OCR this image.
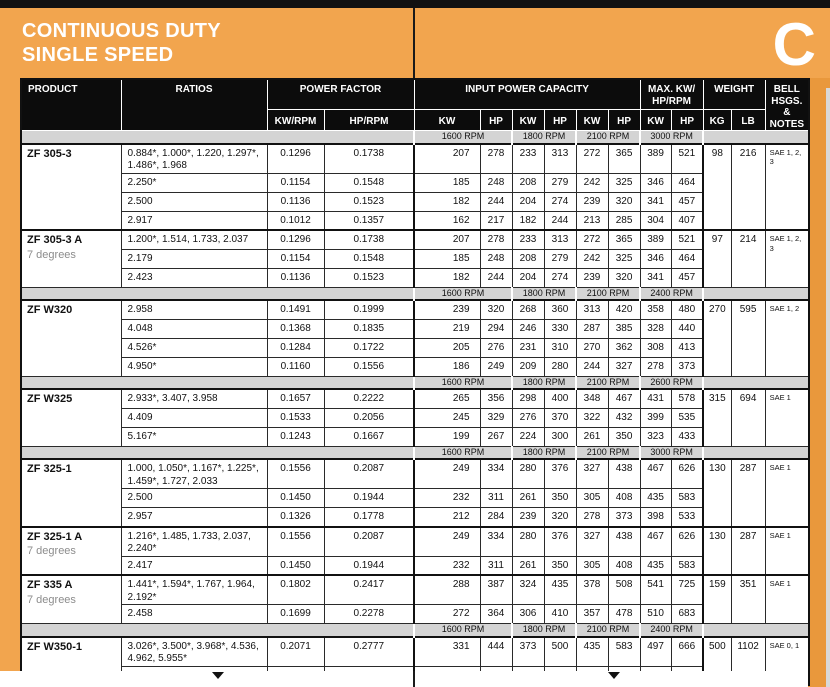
CONTINUOUS DUTY
SINGLE SPEED	C
PRODUCT	RATIOS	POWER FACTOR		INPUT POWER CAPACITY						MAX. KW/
HP/RPM		WEIGHT		BELL HSGS.
& NOTES
		KW/RPM	HP/RPM	KW	HP	KW	HP	KW	HP	KW	HP	KG	LB	
				1600 RPM		1800 RPM		2100 RPM		3000 RPM				

ZF 305-3	0.884*, 1.000*, 1.220, 1.297*, 1.486*, 1.968	0.1296	0.1738	207	278	233	313	272	365	389	521	98	216	SAE 1, 2, 3
	2.250*	0.1154	0.1548	185	248	208	279	242	325	346	464			
	2.500	0.1136	0.1523	182	244	204	274	239	320	341	457			
	2.917	0.1012	0.1357	162	217	182	244	213	285	304	407			

ZF 305-3 A
7 degrees	1.200*, 1.514, 1.733, 2.037	0.1296	0.1738	207	278	233	313	272	365	389	521	97	214	SAE 1, 2, 3
	2.179	0.1154	0.1548	185	248	208	279	242	325	346	464			
	2.423	0.1136	0.1523	182	244	204	274	239	320	341	457			
				1600 RPM		1800 RPM		2100 RPM		2400 RPM				

ZF W320	2.958	0.1491	0.1999	239	320	268	360	313	420	358	480	270	595	SAE 1, 2
	4.048	0.1368	0.1835	219	294	246	330	287	385	328	440			
	4.526*	0.1284	0.1722	205	276	231	310	270	362	308	413			
	4.950*	0.1160	0.1556	186	249	209	280	244	327	278	373			
				1600 RPM		1800 RPM		2100 RPM		2600 RPM				

ZF W325	2.933*, 3.407, 3.958	0.1657	0.2222	265	356	298	400	348	467	431	578	315	694	SAE 1
	4.409	0.1533	0.2056	245	329	276	370	322	432	399	535			
	5.167*	0.1243	0.1667	199	267	224	300	261	350	323	433			
				1600 RPM		1800 RPM		2100 RPM		3000 RPM				

ZF 325-1	1.000, 1.050*, 1.167*, 1.225*, 1.459*, 1.727, 2.033	0.1556	0.2087	249	334	280	376	327	438	467	626	130	287	SAE 1
	2.500	0.1450	0.1944	232	311	261	350	305	408	435	583			
	2.957	0.1326	0.1778	212	284	239	320	278	373	398	533			

ZF 325-1 A
7 degrees	1.216*, 1.485, 1.733, 2.037, 2.240*	0.1556	0.2087	249	334	280	376	327	438	467	626	130	287	SAE 1
	2.417	0.1450	0.1944	232	311	261	350	305	408	435	583			

ZF 335 A
7 degrees	1.441*, 1.594*, 1.767, 1.964, 2.192*	0.1802	0.2417	288	387	324	435	378	508	541	725	159	351	SAE 1
	2.458	0.1699	0.2278	272	364	306	410	357	478	510	683			
				1600 RPM		1800 RPM		2100 RPM		2400 RPM				

ZF W350-1	3.026*, 3.500*, 3.968*, 4.536, 4.962, 5.955*	0.2071	0.2777	331	444	373	500	435	583	497	666	500	1102	SAE 0, 1
